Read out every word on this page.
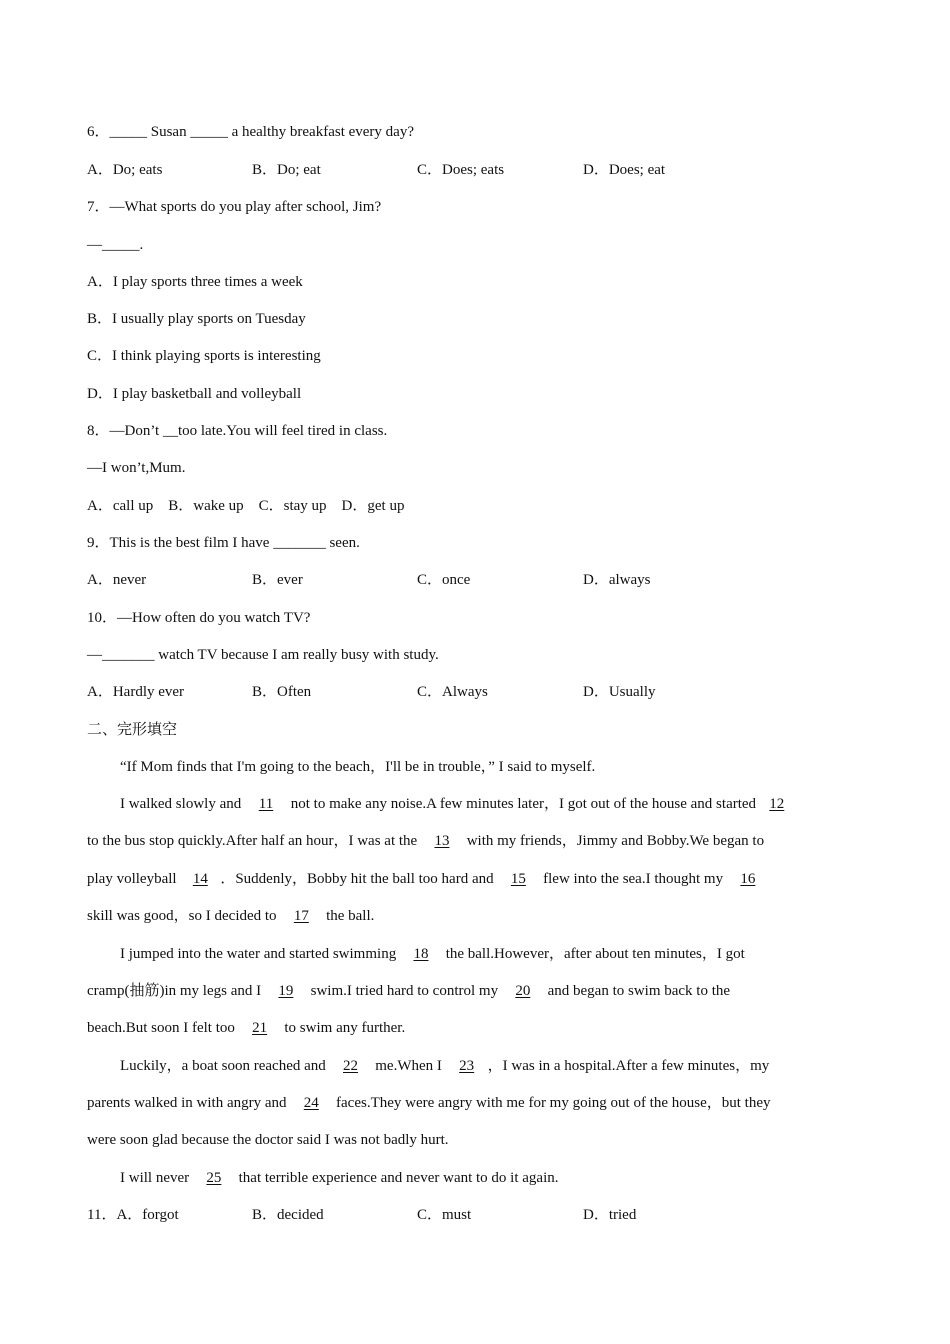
6．_____ Susan _____ a healthy breakfast every day?
A．Do; eats	B．Do; eat	C．Does; eats	D．Does; eat
7．—What sports do you play after school, Jim?
—_____.
A．I play sports three times a week
B．I usually play sports on Tuesday
C．I think playing sports is interesting
D．I play basketball and volleyball
8．—Don’t __too late.You will feel tired in class.
—I won’t,Mum.
A．call up    B．wake up    C．stay up    D．get up
9．This is the best film I have _______ seen.
A．never	B．ever	C．once	D．always
10．—How often do you watch TV?
—_______ watch TV because I am really busy with study.
A．Hardly ever	B．Often	C．Always	D．Usually
二、完形填空
“If Mom finds that I'm going to the beach，I'll be in trouble，” I said to myself.
I walked slowly and 11 not to make any noise.A few minutes later，I got out of the house and started 12
to the bus stop quickly.After half an hour，I was at the 13 with my friends，Jimmy and Bobby.We began to
play volleyball 14 ．Suddenly，Bobby hit the ball too hard and 15 flew into the sea.I thought my 16
skill was good，so I decided to 17 the ball.
I jumped into the water and started swimming 18 the ball.However，after about ten minutes，I got
cramp(抽筋)in my legs and I 19 swim.I tried hard to control my 20 and began to swim back to the
beach.But soon I felt too 21 to swim any further.
Luckily，a boat soon reached and 22 me.When I 23 ，I was in a hospital.After a few minutes，my
parents walked in with angry and 24 faces.They were angry with me for my going out of the house，but they
were soon glad because the doctor said I was not badly hurt.
I will never 25 that terrible experience and never want to do it again.
11．A．forgot	B．decided	C．must	D．tried
